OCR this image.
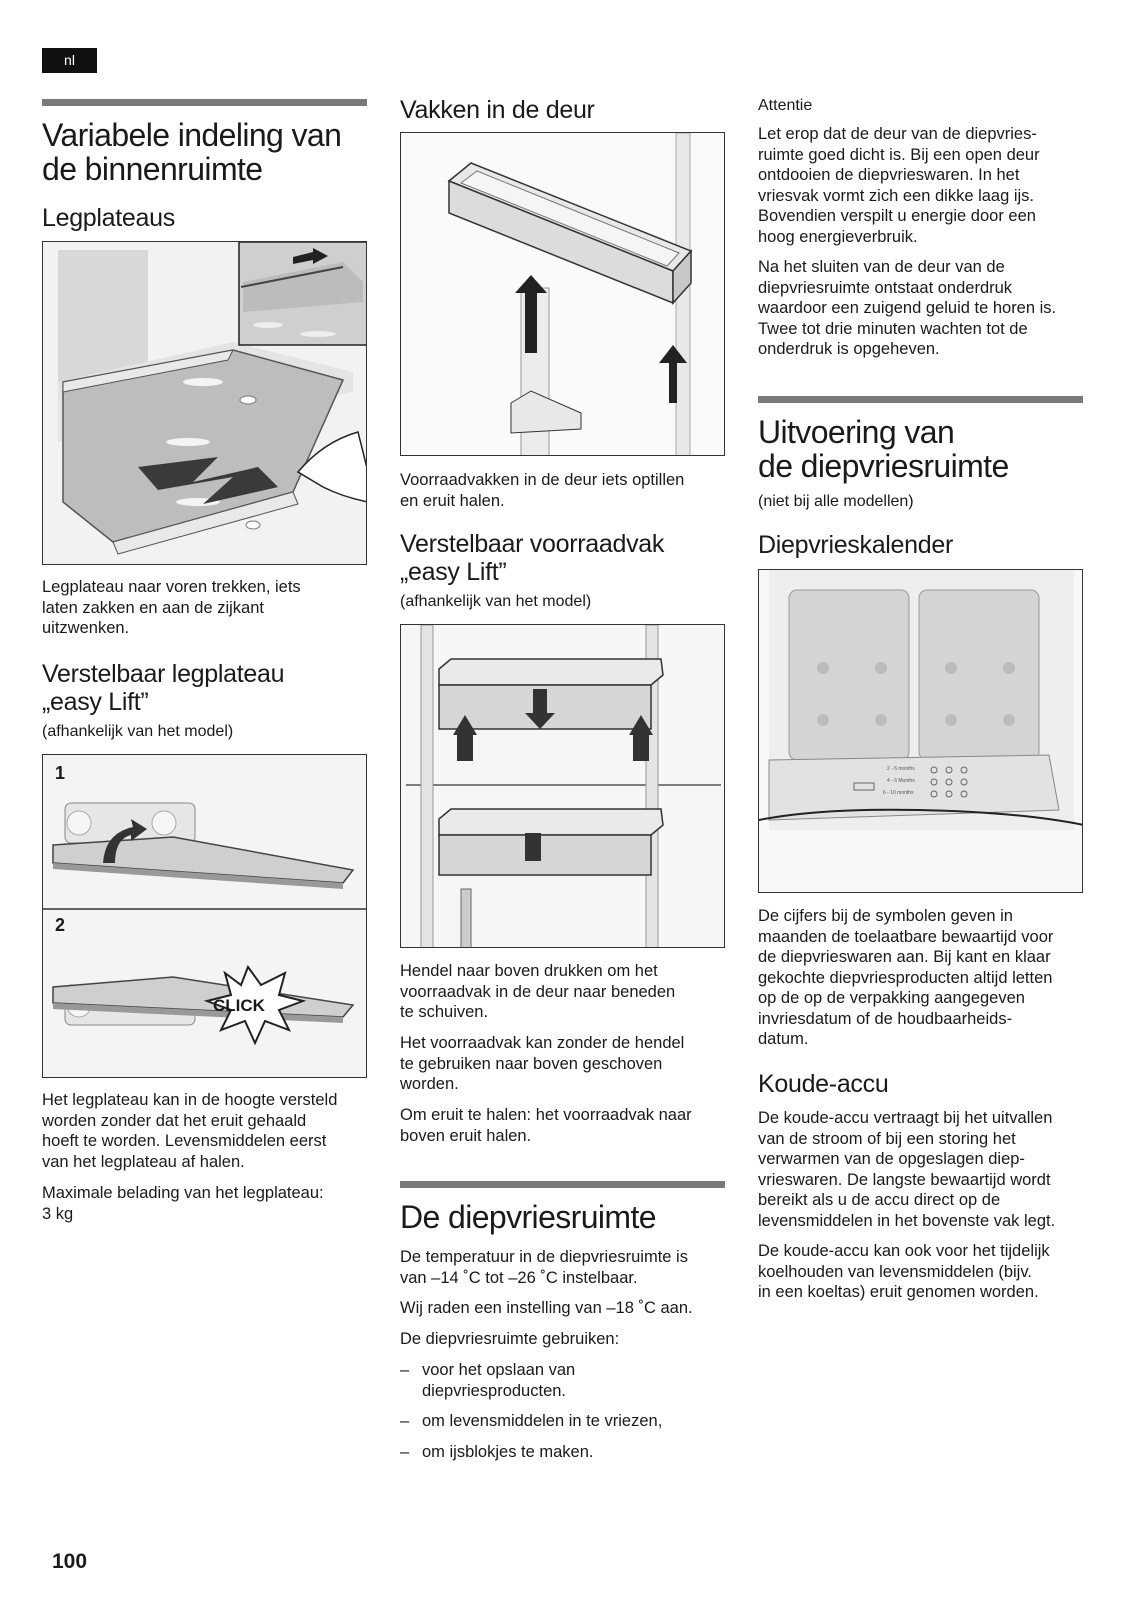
nl
Variabele indeling van
de binnenruimte
Legplateaus
Legplateau naar voren trekken, iets
laten zakken en aan de zijkant
uitzwenken.
Verstelbaar legplateau
„easy Lift”
(afhankelijk van het model)
1
2
CLICK
Het legplateau kan in de hoogte versteld
worden zonder dat het eruit gehaald
hoeft te worden. Levensmiddelen eerst
van het legplateau af halen.
Maximale belading van het legplateau:
3 kg
Vakken in de deur
Voorraadvakken in de deur iets optillen
en eruit halen.
Verstelbaar voorraadvak
„easy Lift”
(afhankelijk van het model)
Hendel naar boven drukken om het
voorraadvak in de deur naar beneden
te schuiven.
Het voorraadvak kan zonder de hendel
te gebruiken naar boven geschoven
worden.
Om eruit te halen: het voorraadvak naar
boven eruit halen.
De diepvriesruimte
De temperatuur in de diepvriesruimte is
van –14 ˚C tot –26 ˚C instelbaar.
Wij raden een instelling van –18 ˚C aan.
De diepvriesruimte gebruiken:
– voor het opslaan van
diepvriesproducten.
– om levensmiddelen in te vriezen,
– om ijsblokjes te maken.
Attentie
Let erop dat de deur van de diepvries-
ruimte goed dicht is. Bij een open deur
ontdooien de diepvrieswaren. In het
vriesvak vormt zich een dikke laag ijs.
Bovendien verspilt u energie door een
hoog energieverbruik.
Na het sluiten van de deur van de
diepvriesruimte ontstaat onderdruk
waardoor een zuigend geluid te horen is.
Twee tot drie minuten wachten tot de
onderdruk is opgeheven.
Uitvoering van
de diepvriesruimte
(niet bij alle modellen)
Diepvrieskalender
2 - 6 months
4 - 6 Months
6 - 10 months
De cijfers bij de symbolen geven in
maanden de toelaatbare bewaartijd voor
de diepvrieswaren aan. Bij kant en klaar
gekochte diepvriesproducten altijd letten
op de op de verpakking aangegeven
invriesdatum of de houdbaarheids-
datum.
Koude-accu
De koude-accu vertraagt bij het uitvallen
van de stroom of bij een storing het
verwarmen van de opgeslagen diep-
vrieswaren. De langste bewaartijd wordt
bereikt als u de accu direct op de
levensmiddelen in het bovenste vak legt.
De koude-accu kan ook voor het tijdelijk
koelhouden van levensmiddelen (bijv.
in een koeltas) eruit genomen worden.
100
